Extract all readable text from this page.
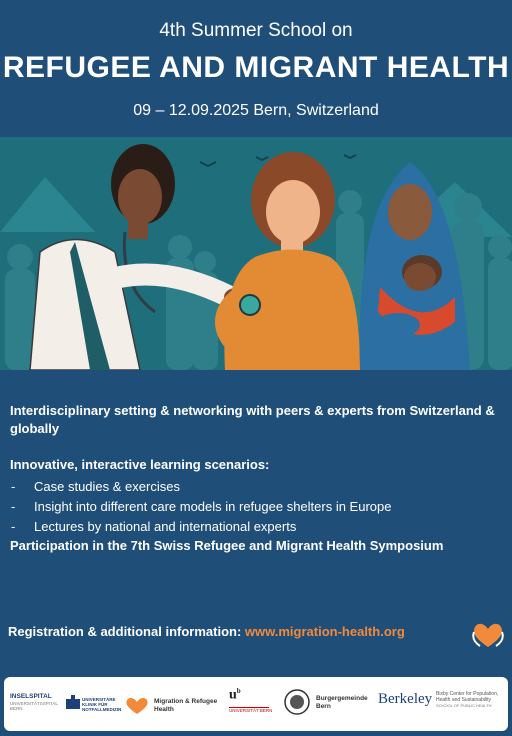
4th Summer School on
REFUGEE AND MIGRANT HEALTH
09 – 12.09.2025 Bern, Switzerland

Interdisciplinary setting & networking with peers & experts from Switzerland & globally

Innovative, interactive learning scenarios:

- Case studies & exercises
- Insight into different care models in refugee shelters in Europe
- Lectures by national and international experts

Participation in the 7th Swiss Refugee and Migrant Health Symposium

Registration & additional information: www.migration-health.org
INSELSPITAL
UNIVERSITÄTSSPITAL BERN
UNIVERSITÄRE KLINIK FÜR NOTFALLMEDIZIN
Migration & Refugee Health
$u^b$
UNIVERSITÄT BERN
Burgergemeinde Bern	Berkeley Bixby Center for Population, Health and Sustainability
SCHOOL OF PUBLIC HEALTH
